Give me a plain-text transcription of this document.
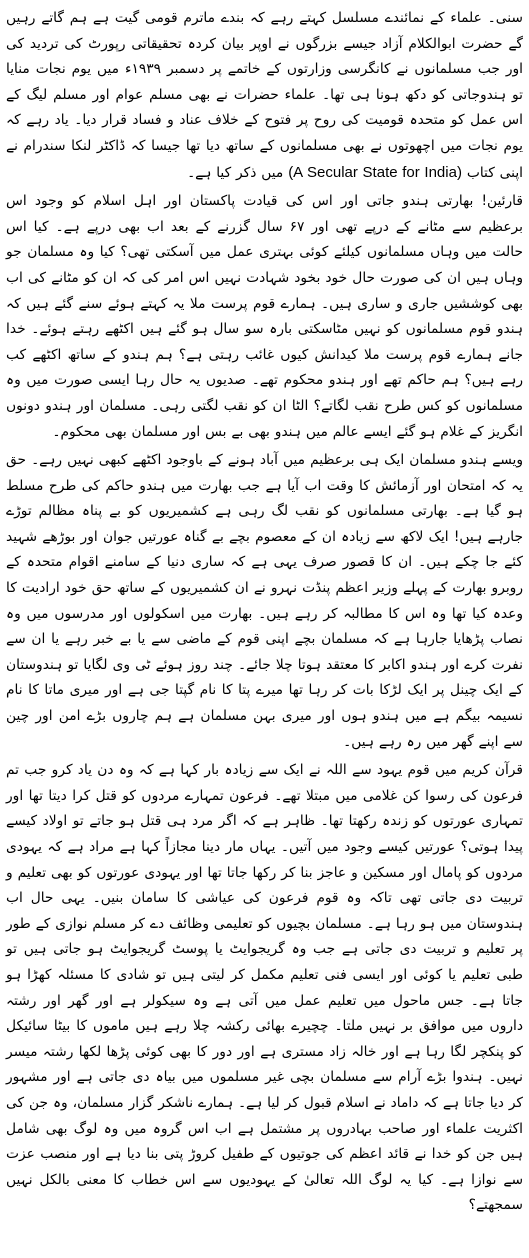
سنی۔ علماء کے نمائندے مسلسل کہتے رہے کہ بندے ماترم قومی گیت ہے ہم گاتے رہیں گے حضرت ابوالکلام آزاد جیسے بزرگوں نے اوپر بیان کردہ تحقیقاتی رپورٹ کی تردید کی اور جب مسلمانوں نے کانگرسی وزارتوں کے خاتمے پر دسمبر ۱۹۳۹ء میں یوم نجات منایا تو ہندوجاتی کو دکھ ہونا ہی تھا۔ علماء حضرات نے بھی مسلم عوام اور مسلم لیگ کے اس عمل کو متحدہ قومیت کی روح پر فتوح کے خلاف عناد و فساد قرار دیا۔ یاد رہے کہ یوم نجات میں اچھوتوں نے بھی مسلمانوں کے ساتھ دیا تھا جیسا کہ ڈاکٹر لنکا سندرام نے اپنی کتاب (A Secular State for India) میں ذکر کیا ہے۔

قارئین! بھارتی ہندو جاتی اور اس کی قیادت پاکستان اور اہل اسلام کو وجود اس برعظیم سے مٹانے کے درپے تھی اور ۶۷ سال گزرنے کے بعد اب بھی درپے ہے۔ کیا اس حالت میں وہاں مسلمانوں کیلئے کوئی بہتری عمل میں آسکتی تھی؟ کیا وہ مسلمان جو وہاں ہیں ان کی صورت حال خود بخود شہادت نہیں اس امر کی کہ ان کو مٹانے کی اب بھی کوششیں جاری و ساری ہیں۔ ہمارے قوم پرست ملا یہ کہتے ہوئے سنے گئے ہیں کہ ہندو قوم مسلمانوں کو نہیں مٹاسکتی بارہ سو سال ہو گئے ہیں اکٹھے رہتے ہوئے۔ خدا جانے ہمارے قوم پرست ملا کیدانش کیوں غائب رہتی ہے؟ ہم ہندو کے ساتھ اکٹھے کب رہے ہیں؟ ہم حاکم تھے اور ہندو محکوم تھے۔ صدیوں یہ حال رہا ایسی صورت میں وہ مسلمانوں کو کس طرح نقب لگاتے؟ الٹا ان کو نقب لگتی رہی۔ مسلمان اور ہندو دونوں انگریز کے غلام ہو گئے ایسے عالم میں ہندو بھی بے بس اور مسلمان بھی محکوم۔

ویسے ہندو مسلمان ایک ہی برعظیم میں آباد ہونے کے باوجود اکٹھے کبھی نہیں رہے۔ حق یہ کہ امتحان اور آزمائش کا وقت اب آیا ہے جب بھارت میں ہندو حاکم کی طرح مسلط ہو گیا ہے۔ بھارتی مسلمانوں کو نقب لگ رہی ہے کشمیریوں کو بے پناہ مظالم توڑے جارہے ہیں! ایک لاکھ سے زیادہ ان کے معصوم بچے بے گناہ عورتیں جوان اور بوڑھے شہید کئے جا چکے ہیں۔ ان کا قصور صرف یہی ہے کہ ساری دنیا کے سامنے اقوام متحدہ کے روبرو بھارت کے پہلے وزیر اعظم پنڈت نہرو نے ان کشمیریوں کے ساتھ حق خود ارادیت کا وعدہ کیا تھا وہ اس کا مطالبہ کر رہے ہیں۔ بھارت میں اسکولوں اور مدرسوں میں وہ نصاب پڑھایا جارہا ہے کہ مسلمان بچے اپنی قوم کے ماضی سے یا بے خبر رہے یا ان سے نفرت کرے اور ہندو اکابر کا معتقد ہوتا چلا جائے۔ چند روز ہوئے ٹی وی لگایا تو ہندوستان کے ایک چینل پر ایک لڑکا بات کر رہا تھا میرے پتا کا نام گپتا جی ہے اور میری ماتا کا نام نسیمہ بیگم ہے میں ہندو ہوں اور میری بہن مسلمان ہے ہم چاروں بڑے امن اور چین سے اپنے گھر میں رہ رہے ہیں۔

قرآن کریم میں قوم یہود سے اللہ نے ایک سے زیادہ بار کہا ہے کہ وہ دن یاد کرو جب تم فرعون کی رسوا کن غلامی میں مبتلا تھے۔ فرعون تمہارے مردوں کو قتل کرا دیتا تھا اور تمہاری عورتوں کو زندہ رکھتا تھا۔ ظاہر ہے کہ اگر مرد ہی قتل ہو جاتے تو اولاد کیسے پیدا ہوتی؟ عورتیں کیسے وجود میں آتیں۔ یہاں مار دینا مجازاً کہا ہے مراد ہے کہ یہودی مردوں کو پامال اور مسکین و عاجز بنا کر رکھا جاتا تھا اور یہودی عورتوں کو بھی تعلیم و تربیت دی جاتی تھی تاکہ وہ قوم فرعون کی عیاشی کا سامان بنیں۔ یہی حال اب ہندوستان میں ہو رہا ہے۔ مسلمان بچیوں کو تعلیمی وظائف دے کر مسلم نوازی کے طور پر تعلیم و تربیت دی جاتی ہے جب وہ گریجوایٹ یا پوسٹ گریجوایٹ ہو جاتی ہیں تو طبی تعلیم یا کوئی اور ایسی فنی تعلیم مکمل کر لیتی ہیں تو شادی کا مسئلہ کھڑا ہو جاتا ہے۔ جس ماحول میں تعلیم عمل میں آتی ہے وہ سیکولر ہے اور گھر اور رشتہ داروں میں موافق بر نہیں ملتا۔ چچیرے بھائی رکشہ چلا رہے ہیں ماموں کا بیٹا سائیکل کو پنکچر لگا رہا ہے اور خالہ زاد مستری ہے اور دور کا بھی کوئی پڑھا لکھا رشتہ میسر نہیں۔ ہندوا بڑے آرام سے مسلمان بچی غیر مسلموں میں بیاہ دی جاتی ہے اور مشہور کر دیا جاتا ہے کہ داماد نے اسلام قبول کر لیا ہے۔ ہمارے ناشکر گزار مسلمان، وہ جن کی اکثریت علماء اور صاحب بہادروں پر مشتمل ہے اب اس گروہ میں وہ لوگ بھی شامل ہیں جن کو خدا نے قائد اعظم کی جوتیوں کے طفیل کروڑ پتی بنا دیا ہے اور منصب عزت سے نوازا ہے۔ کیا یہ لوگ اللہ تعالیٰ کے یہودیوں سے اس خطاب کا معنی بالکل نہیں سمجھتے؟
